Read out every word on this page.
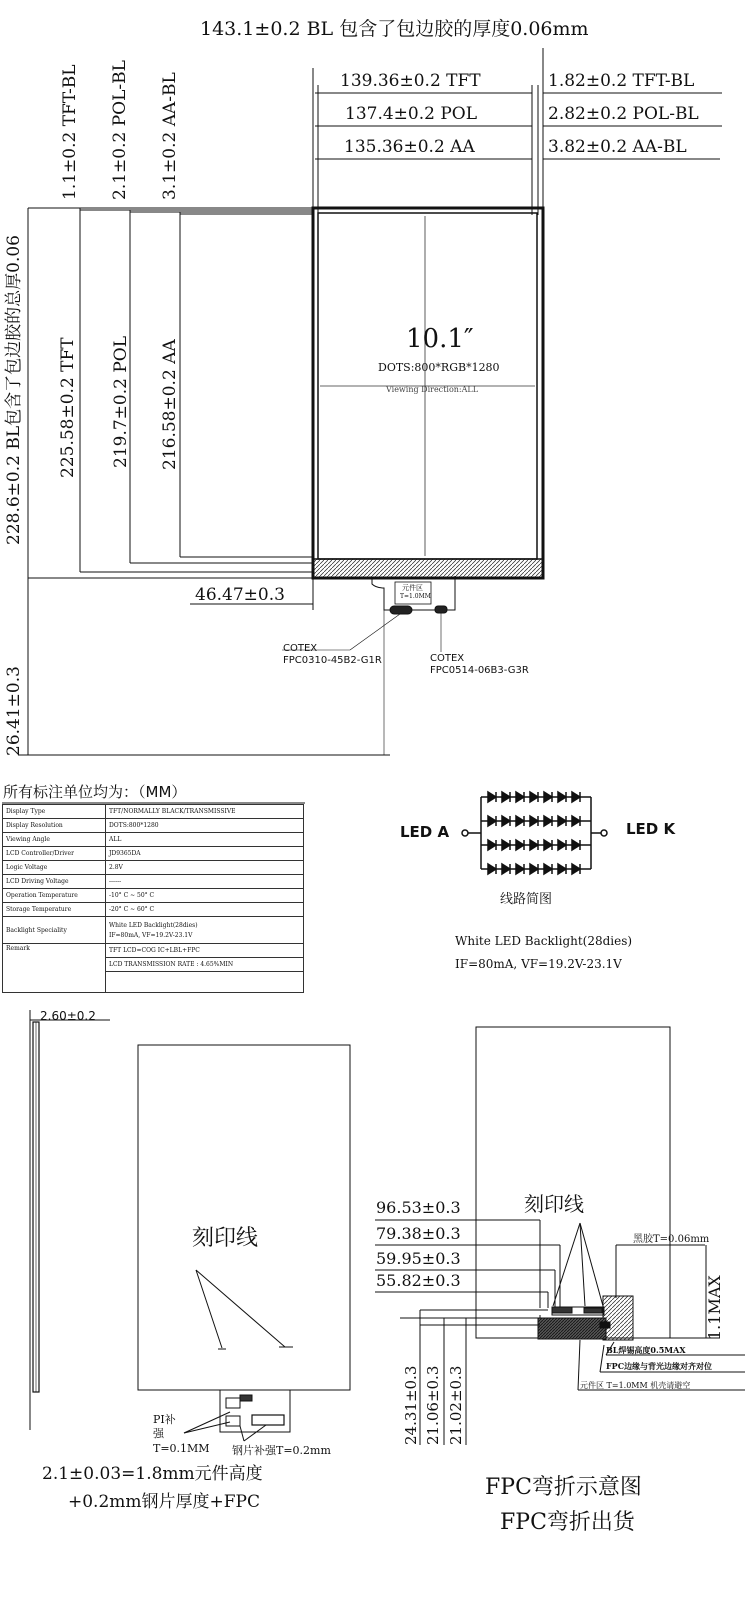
143.1±0.2 BL 包含了包边胶的厚度0.06mm
139.36±0.2 TFT
137.4±0.2 POL
135.36±0.2 AA
1.82±0.2 TFT-BL
2.82±0.2 POL-BL
3.82±0.2 AA-BL
1.1±0.2 TFT-BL 2.1±0.2 POL-BL 3.1±0.2 AA-BL
228.6±0.2 BL包含了包边胶的总厚0.06 225.58±0.2 TFT 219.7±0.2 POL 216.58±0.2 AA
26.41±0.3
46.47±0.3
10.1″
DOTS:800*RGB*1280
Viewing Direction:ALL
元件区
T=1.0MM
COTEX
FPC0310-45B2-G1R	COTEX
FPC0514-06B3-G3R
所有标注单位均为：（MM）
Display Type	TFT/NORMALLY BLACK/TRANSMISSIVE
Display Resolution	DOTS:800*1280
Viewing Angle	ALL
LCD Controller/Driver	JD9365DA
Logic Voltage	2.8V
LCD Driving Voltage	------
Operation Temperature	-10° C ~ 50° C
Storage Temperature	-20° C ~ 60° C
Backlight Speciality	White LED Backlight(28dies)
IF=80mA, VF=19.2V-23.1V

Remark	TFT LCD=COG IC+LBL+FPC
	LCD TRANSMISSION RATE : 4.65%MIN

LED A	LED K
线路简图
White LED Backlight(28dies)
IF=80mA, VF=19.2V-23.1V
2.60±0.2
刻印线
PI补
强
T=0.1MM 钢片补强T=0.2mm
2.1±0.03=1.8mm元件高度
+0.2mm钢片厚度+FPC
96.53±0.3
79.38±0.3
59.95±0.3
55.82±0.3
刻印线
黑胶T=0.06mm
1.1MAX
BL焊锡高度0.5MAX
FPC边缘与背光边缘对齐对位
元件区 T=1.0MM 机壳请避空
24.31±0.3 21.06±0.3 21.02±0.3
FPC弯折示意图
FPC弯折出货
